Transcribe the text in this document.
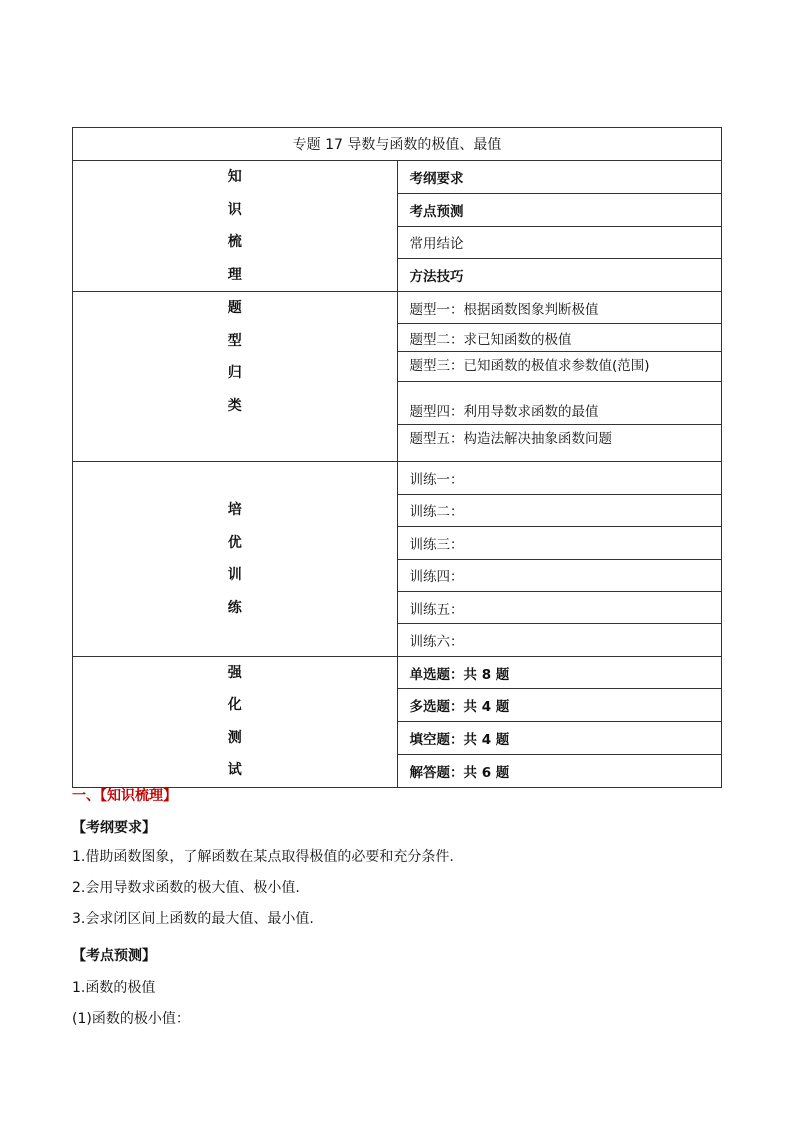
专题 17 导数与函数的极值、最值	

知
识
梳
理	考纲要求
	考点预测
	常用结论
	方法技巧

题
型
归
类	题型一：根据函数图象判断极值
	题型二：求已知函数的极值
	题型三：已知函数的极值求参数值(范围)
	题型四：利用导数求函数的最值
	题型五：构造法解决抽象函数问题

培
优
训
练	训练一：
	训练二：
	训练三：
	训练四：
	训练五：
	训练六：

强
化
测
试	单选题：共 8 题
	多选题：共 4 题
	填空题：共 4 题
	解答题：共 6 题
一、【知识梳理】
【考纲要求】
1.借助函数图象，了解函数在某点取得极值的必要和充分条件.
2.会用导数求函数的极大值、极小值.
3.会求闭区间上函数的最大值、最小值.
【考点预测】
1.函数的极值
(1)函数的极小值：
